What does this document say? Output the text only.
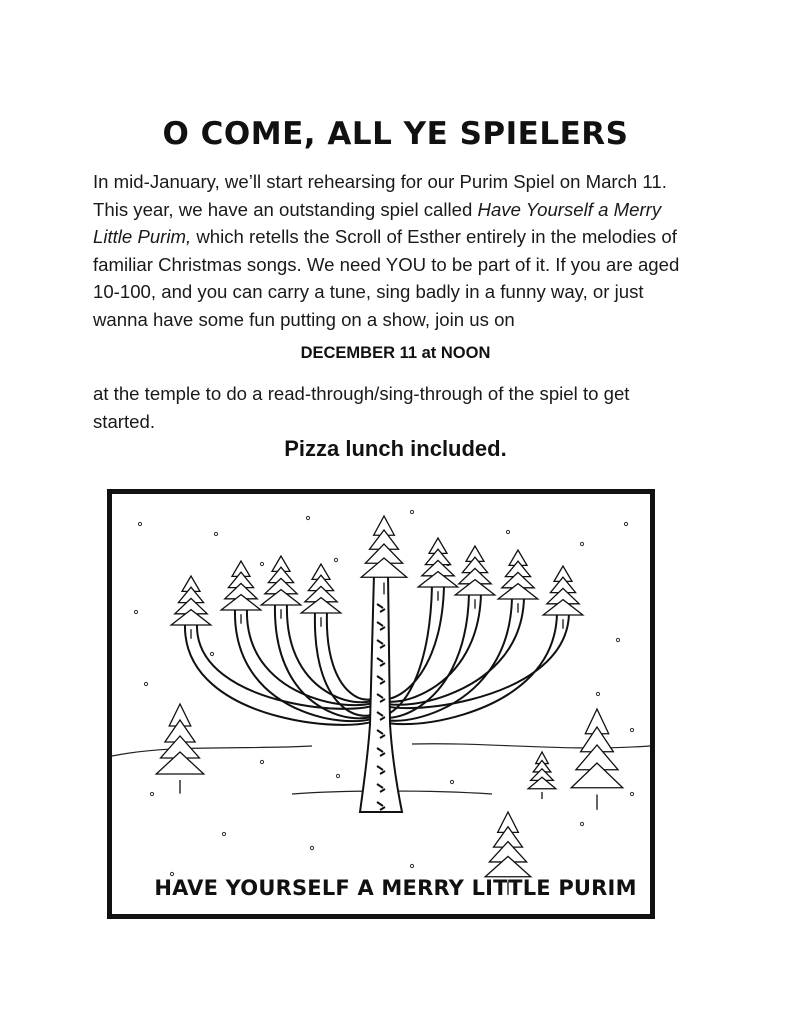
O COME, ALL YE SPIELERS
In mid-January, we’ll start rehearsing for our Purim Spiel on March 11.
This year, we have an outstanding spiel called Have Yourself a Merry
Little Purim, which retells the Scroll of Esther entirely in the melodies of
familiar Christmas songs. We need YOU to be part of it. If you are aged
10-100, and you can carry a tune, sing badly in a funny way, or just
wanna have some fun putting on a show, join us on
DECEMBER 11 at NOON
at the temple to do a read-through/sing-through of the spiel to get
started.
Pizza lunch included.
HAVE YOURSELF A MERRY LITTLE PURIM
